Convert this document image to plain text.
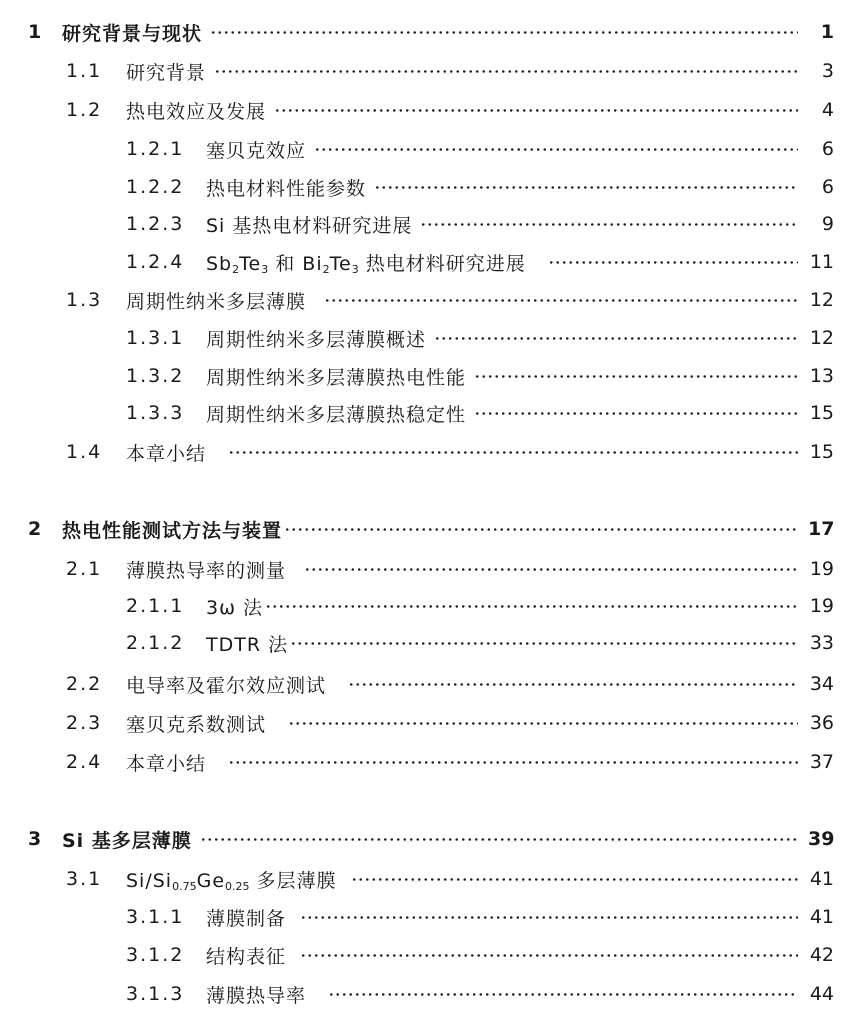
1	研究背景与现状	1
1.1	研究背景	3
1.2	热电效应及发展	4
1.2.1	塞贝克效应	6
1.2.2	热电材料性能参数	6
1.2.3	Si 基热电材料研究进展	9
1.2.4	$Sb_2Te_3$ 和 $Bi_2Te_3$ 热电材料研究进展	11
1.3	周期性纳米多层薄膜	12
1.3.1	周期性纳米多层薄膜概述	12
1.3.2	周期性纳米多层薄膜热电性能	13
1.3.3	周期性纳米多层薄膜热稳定性	15
1.4	本章小结	15
2	热电性能测试方法与装置	17
2.1	薄膜热导率的测量	19
2.1.1	3ω 法	19
2.1.2	TDTR 法	33
2.2	电导率及霍尔效应测试	34
2.3	塞贝克系数测试	36
2.4	本章小结	37
3	Si 基多层薄膜	39
3.1	$Si/Si_{0.75}Ge_{0.25}$ 多层薄膜	41
3.1.1	薄膜制备	41
3.1.2	结构表征	42
3.1.3	薄膜热导率	44
